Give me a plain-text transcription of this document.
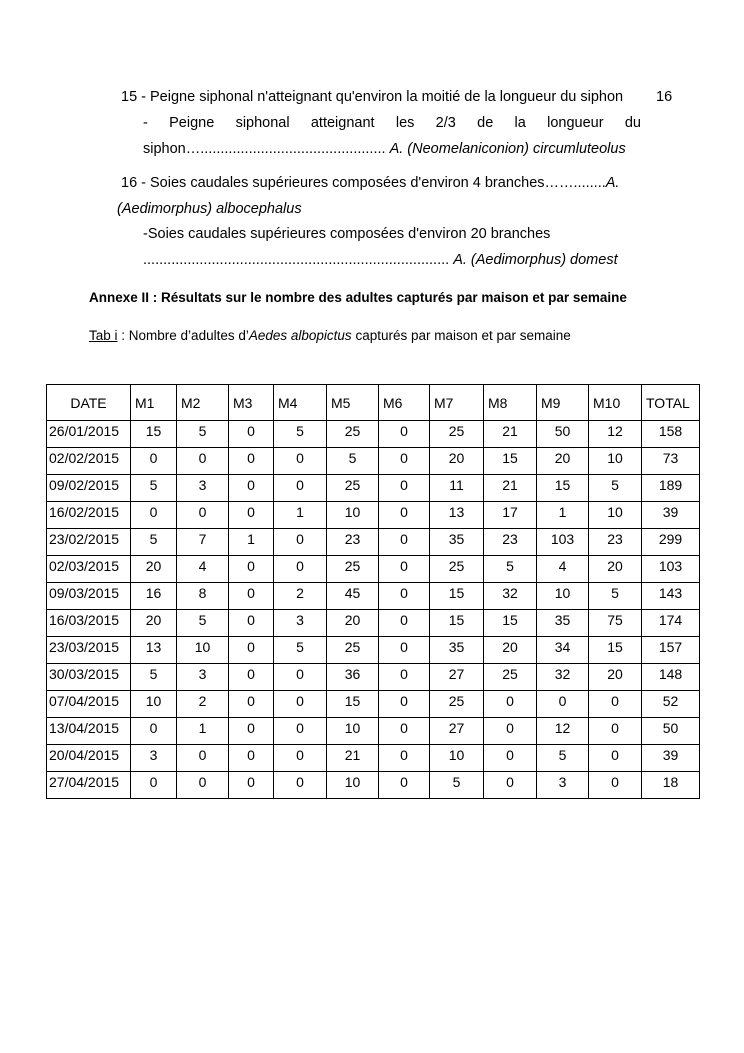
15 - Peigne siphonal n'atteignant qu'environ la moitié de la longueur du siphon 16
- Peigne siphonal atteignant les 2/3 de la longueur du
siphon….............................................. A. (Neomelaniconion) circumluteolus
16 - Soies caudales supérieures composées d'environ 4 branches……........A.
(Aedimorphus) albocephalus
-Soies caudales supérieures composées d'environ 20 branches
............................................................................ A. (Aedimorphus) domest
Annexe II : Résultats sur le nombre des adultes capturés par maison et par semaine
Tab i : Nombre d’adultes d’Aedes albopictus capturés par maison et par semaine
DATE	M1	M2	M3	M4	M5	M6	M7	M8	M9	M10	TOTAL
26/01/2015	15	5	0	5	25	0	25	21	50	12	158
02/02/2015	0	0	0	0	5	0	20	15	20	10	73
09/02/2015	5	3	0	0	25	0	11	21	15	5	189
16/02/2015	0	0	0	1	10	0	13	17	1	10	39
23/02/2015	5	7	1	0	23	0	35	23	103	23	299
02/03/2015	20	4	0	0	25	0	25	5	4	20	103
09/03/2015	16	8	0	2	45	0	15	32	10	5	143
16/03/2015	20	5	0	3	20	0	15	15	35	75	174
23/03/2015	13	10	0	5	25	0	35	20	34	15	157
30/03/2015	5	3	0	0	36	0	27	25	32	20	148
07/04/2015	10	2	0	0	15	0	25	0	0	0	52
13/04/2015	0	1	0	0	10	0	27	0	12	0	50
20/04/2015	3	0	0	0	21	0	10	0	5	0	39
27/04/2015	0	0	0	0	10	0	5	0	3	0	18
